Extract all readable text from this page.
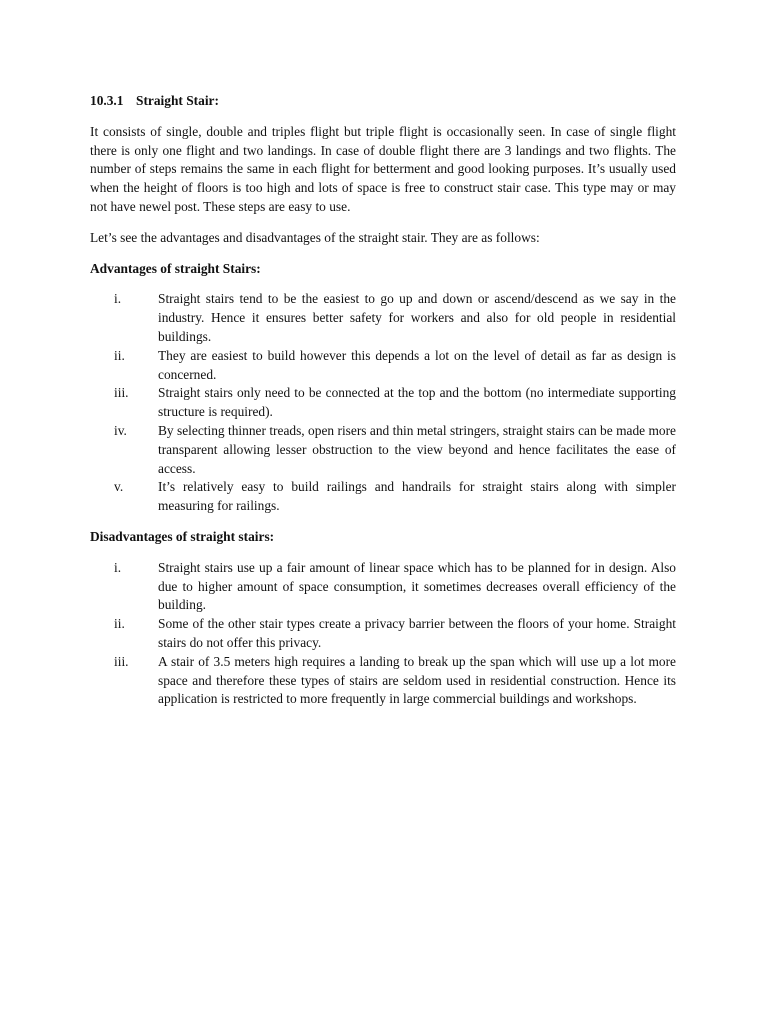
10.3.1 Straight Stair:

It consists of single, double and triples flight but triple flight is occasionally seen. In case of single flight there is only one flight and two landings. In case of double flight there are 3 landings and two flights. The number of steps remains the same in each flight for betterment and good looking purposes. It’s usually used when the height of floors is too high and lots of space is free to construct stair case. This type may or may not have newel post. These steps are easy to use.

Let’s see the advantages and disadvantages of the straight stair. They are as follows:

Advantages of straight Stairs:
i.	Straight stairs tend to be the easiest to go up and down or ascend/descend as we say in the industry. Hence it ensures better safety for workers and also for old people in residential buildings.
ii.	They are easiest to build however this depends a lot on the level of detail as far as design is concerned.
iii.	Straight stairs only need to be connected at the top and the bottom (no intermediate supporting structure is required).
iv.	By selecting thinner treads, open risers and thin metal stringers, straight stairs can be made more transparent allowing lesser obstruction to the view beyond and hence facilitates the ease of access.
v.	It’s relatively easy to build railings and handrails for straight stairs along with simpler measuring for railings.
Disadvantages of straight stairs:
i.	Straight stairs use up a fair amount of linear space which has to be planned for in design. Also due to higher amount of space consumption, it sometimes decreases overall efficiency of the building.
ii.	Some of the other stair types create a privacy barrier between the floors of your home. Straight stairs do not offer this privacy.
iii.	A stair of 3.5 meters high requires a landing to break up the span which will use up a lot more space and therefore these types of stairs are seldom used in residential construction. Hence its application is restricted to more frequently in large commercial buildings and workshops.
